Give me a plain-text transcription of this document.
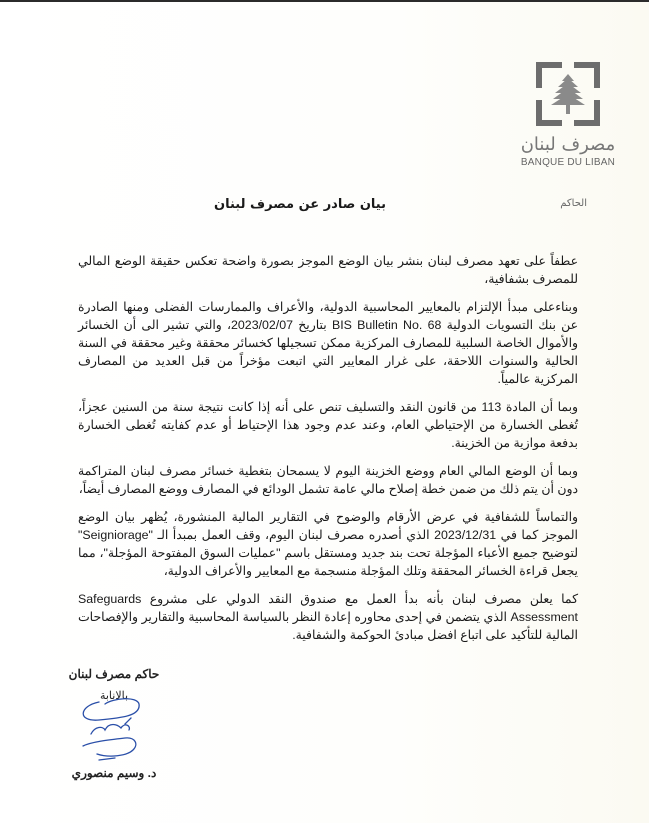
مصرف لبنان
BANQUE DU LIBAN
الحاكم
بيان صادر عن مصرف لبنان

عطفاً على تعهد مصرف لبنان بنشر بيان الوضع الموجز بصورة واضحة تعكس حقيقة الوضع المالي للمصرف بشفافية،

وبناءعلى مبدأ الإلتزام بالمعايير المحاسبية الدولية، والأعراف والممارسات الفضلى ومنها الصادرة عن بنك التسويات الدولية BIS Bulletin No. 68 بتاريخ 2023/02/07، والتي تشير الى أن الخسائر والأموال الخاصة السلبية للمصارف المركزية ممكن تسجيلها كخسائر محققة وغير محققة في السنة الحالية والسنوات اللاحقة، على غرار المعايير التي اتبعت مؤخراً من قبل العديد من المصارف المركزية عالمياً.

وبما أن المادة 113 من قانون النقد والتسليف تنص على أنه إذا كانت نتيجة سنة من السنين عجزاً، تُغطى الخسارة من الإحتياطي العام، وعند عدم وجود هذا الإحتياط أو عدم كفايته تُغطى الخسارة بدفعة موازية من الخزينة.

وبما أن الوضع المالي العام ووضع الخزينة اليوم لا يسمحان بتغطية خسائر مصرف لبنان المتراكمة دون أن يتم ذلك من ضمن خطة إصلاح مالي عامة تشمل الودائع في المصارف ووضع المصارف أيضاً،

والتماساً للشفافية في عرض الأرقام والوضوح في التقارير المالية المنشورة، يُظهر بيان الوضع الموجز كما في 2023/12/31 الذي أصدره مصرف لبنان اليوم، وقف العمل بمبدأ الـ "Seigniorage" لتوضيح جميع الأعباء المؤجلة تحت بند جديد ومستقل باسم "عمليات السوق المفتوحة المؤجلة"، مما يجعل قراءة الخسائر المحققة وتلك المؤجلة منسجمة مع المعايير والأعراف الدولية،

كما يعلن مصرف لبنان بأنه بدأ العمل مع صندوق النقد الدولي على مشروع Safeguards Assessment الذي يتضمن في إحدى محاوره إعادة النظر بالسياسة المحاسبية والتقارير والإفصاحات المالية للتأكيد على اتباع افضل مبادئ الحوكمة والشفافية.

حاكم مصرف لبنان
بالانابة
د. وسيم منصوري
